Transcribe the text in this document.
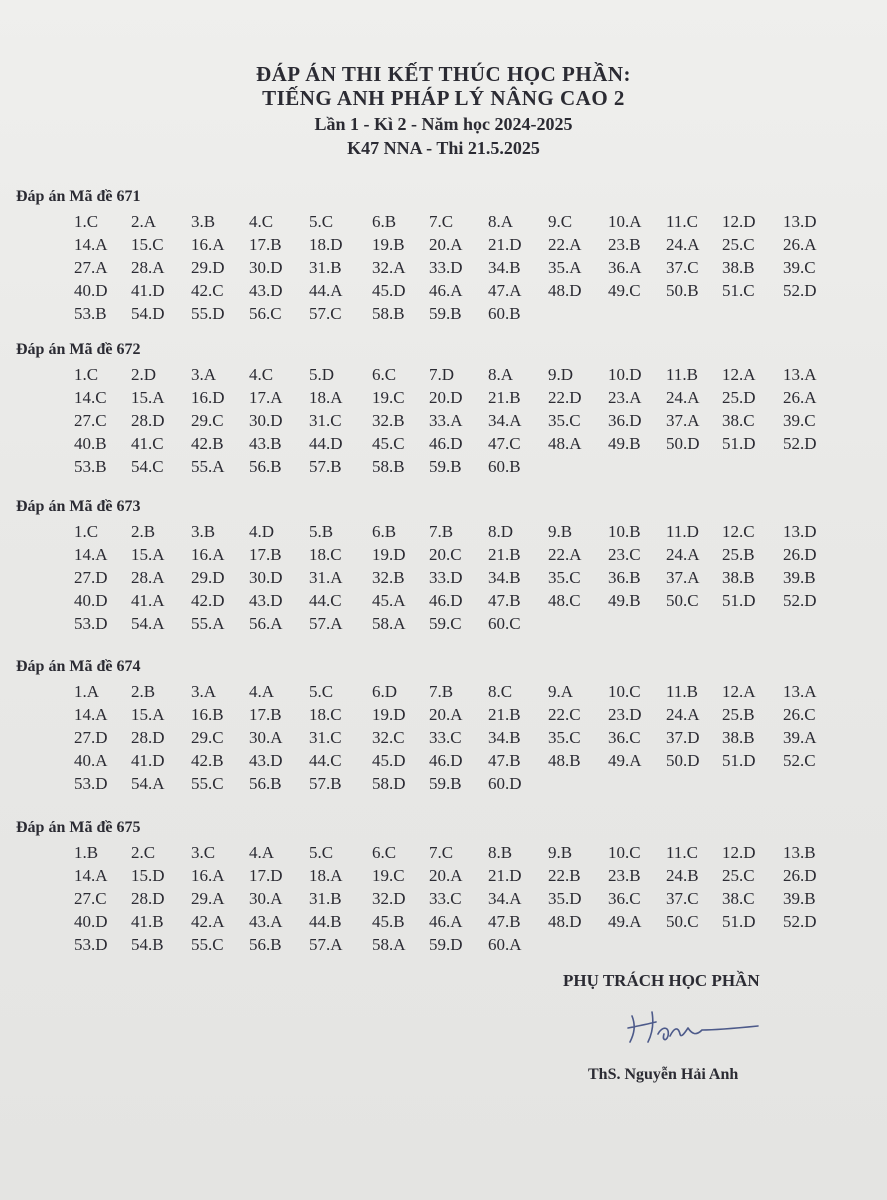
ĐÁP ÁN THI KẾT THÚC HỌC PHẦN:
TIẾNG ANH PHÁP LÝ NÂNG CAO 2
Lần 1 - Kì 2 - Năm học 2024-2025
K47 NNA - Thi 21.5.2025
Đáp án Mã đề 671
1.C	2.A	3.B	4.C	5.C	6.B	7.C	8.A	9.C	10.A	11.C	12.D	13.D
14.A	15.C	16.A	17.B	18.D	19.B	20.A	21.D	22.A	23.B	24.A	25.C	26.A
27.A	28.A	29.D	30.D	31.B	32.A	33.D	34.B	35.A	36.A	37.C	38.B	39.C
40.D	41.D	42.C	43.D	44.A	45.D	46.A	47.A	48.D	49.C	50.B	51.C	52.D
53.B	54.D	55.D	56.C	57.C	58.B	59.B	60.B
Đáp án Mã đề 672
1.C	2.D	3.A	4.C	5.D	6.C	7.D	8.A	9.D	10.D	11.B	12.A	13.A
14.C	15.A	16.D	17.A	18.A	19.C	20.D	21.B	22.D	23.A	24.A	25.D	26.A
27.C	28.D	29.C	30.D	31.C	32.B	33.A	34.A	35.C	36.D	37.A	38.C	39.C
40.B	41.C	42.B	43.B	44.D	45.C	46.D	47.C	48.A	49.B	50.D	51.D	52.D
53.B	54.C	55.A	56.B	57.B	58.B	59.B	60.B
Đáp án Mã đề 673
1.C	2.B	3.B	4.D	5.B	6.B	7.B	8.D	9.B	10.B	11.D	12.C	13.D
14.A	15.A	16.A	17.B	18.C	19.D	20.C	21.B	22.A	23.C	24.A	25.B	26.D
27.D	28.A	29.D	30.D	31.A	32.B	33.D	34.B	35.C	36.B	37.A	38.B	39.B
40.D	41.A	42.D	43.D	44.C	45.A	46.D	47.B	48.C	49.B	50.C	51.D	52.D
53.D	54.A	55.A	56.A	57.A	58.A	59.C	60.C
Đáp án Mã đề 674
1.A	2.B	3.A	4.A	5.C	6.D	7.B	8.C	9.A	10.C	11.B	12.A	13.A
14.A	15.A	16.B	17.B	18.C	19.D	20.A	21.B	22.C	23.D	24.A	25.B	26.C
27.D	28.D	29.C	30.A	31.C	32.C	33.C	34.B	35.C	36.C	37.D	38.B	39.A
40.A	41.D	42.B	43.D	44.C	45.D	46.D	47.B	48.B	49.A	50.D	51.D	52.C
53.D	54.A	55.C	56.B	57.B	58.D	59.B	60.D
Đáp án Mã đề 675
1.B	2.C	3.C	4.A	5.C	6.C	7.C	8.B	9.B	10.C	11.C	12.D	13.B
14.A	15.D	16.A	17.D	18.A	19.C	20.A	21.D	22.B	23.B	24.B	25.C	26.D
27.C	28.D	29.A	30.A	31.B	32.D	33.C	34.A	35.D	36.C	37.C	38.C	39.B
40.D	41.B	42.A	43.A	44.B	45.B	46.A	47.B	48.D	49.A	50.C	51.D	52.D
53.D	54.B	55.C	56.B	57.A	58.A	59.D	60.A
PHỤ TRÁCH HỌC PHẦN
ThS. Nguyễn Hải Anh
